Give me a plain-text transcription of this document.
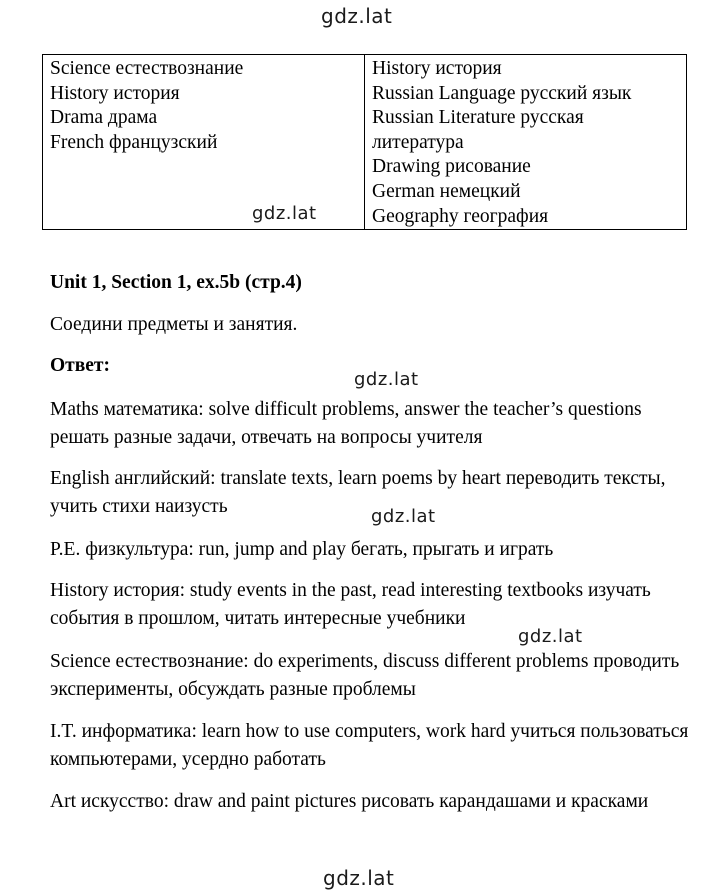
gdz.lat
Science естествознание
History история
Drama драма
French французский

History история
Russian Language русский язык
Russian Literature русская
литература
Drawing рисование
German немецкий
Geography география
gdz.lat
Unit 1, Section 1, ex.5b (стр.4)
Соедини предметы и занятия.
Ответ:
Maths математика: solve difficult problems, answer the teacher’s questions решать разные задачи, отвечать на вопросы учителя
English английский: translate texts, learn poems by heart переводить тексты, учить стихи наизусть
P.E. физкультура: run, jump and play бегать, прыгать и играть
History история: study events in the past, read interesting textbooks изучать события в прошлом, читать интересные учебники
Science естествознание: do experiments, discuss different problems проводить эксперименты, обсуждать разные проблемы
I.T. информатика: learn how to use computers, work hard учиться пользоваться компьютерами, усердно работать
Art искусство: draw and paint pictures рисовать карандашами и красками
gdz.lat
gdz.lat
gdz.lat
gdz.lat
